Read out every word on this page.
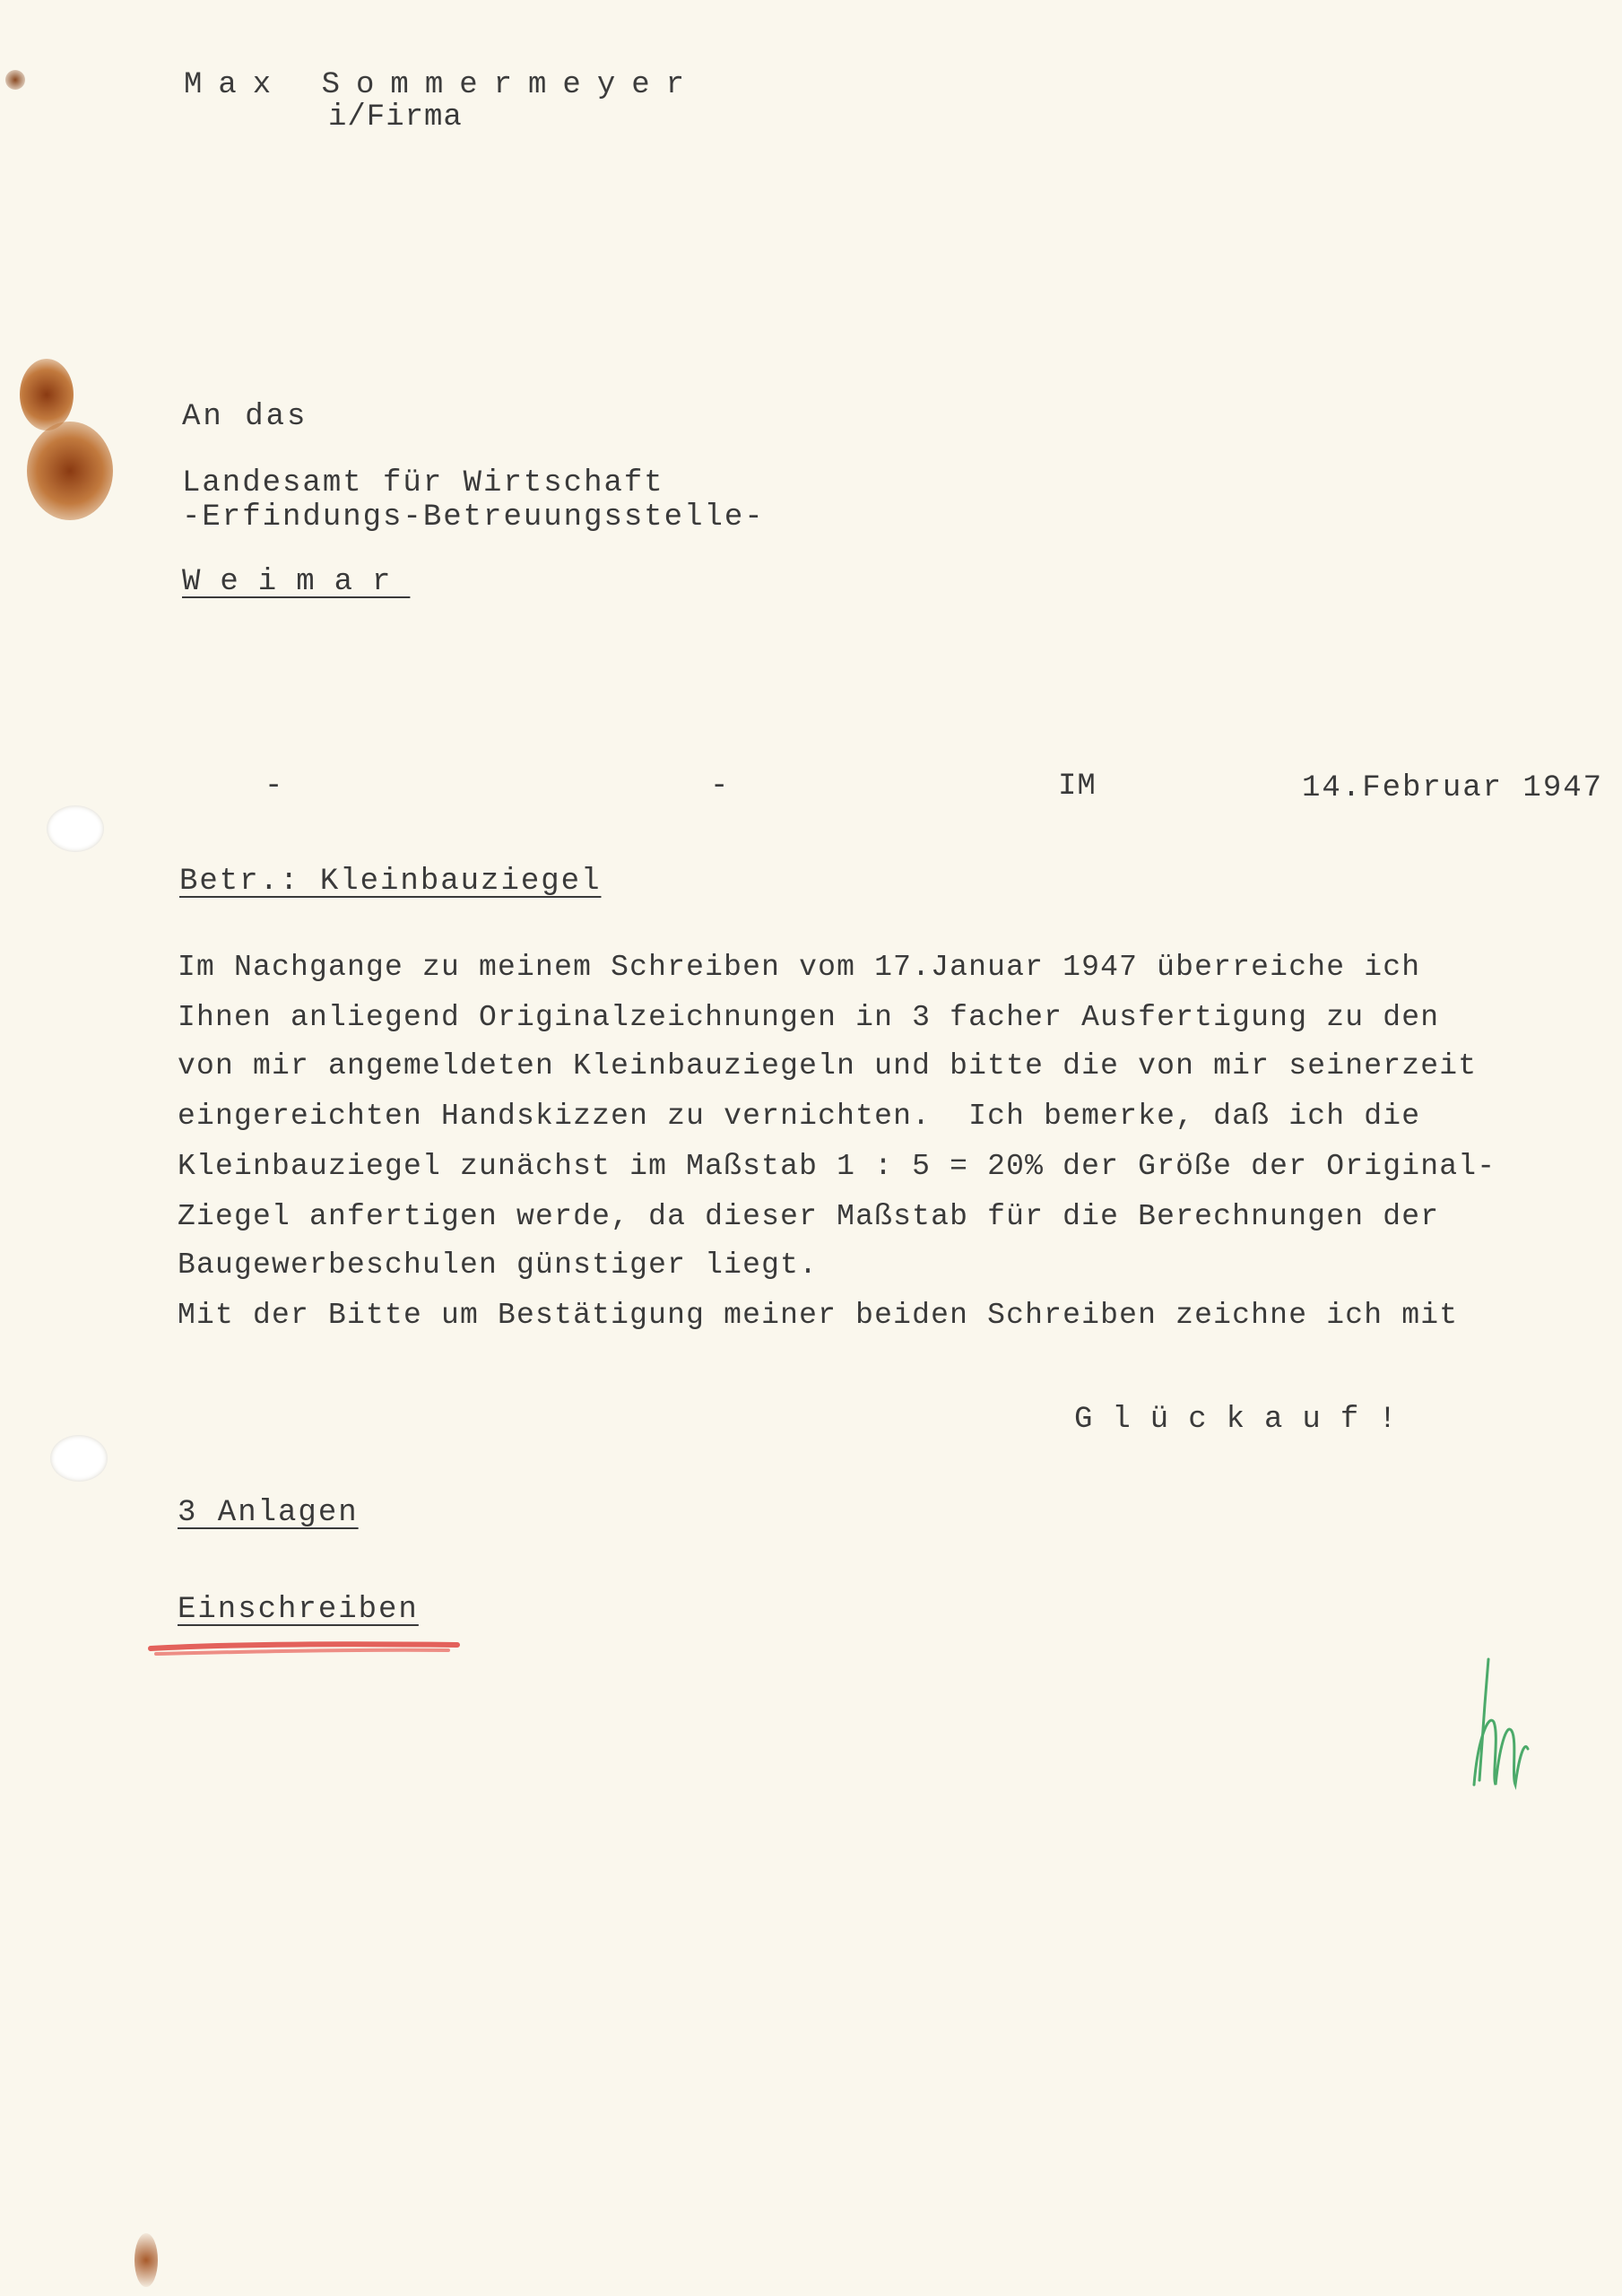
Max Sommermeyer
i/Firma
An das
Landesamt für Wirtschaft
-Erfindungs-Betreuungsstelle-
Weimar
-	-	IM	14.Februar 1947
Betr.: Kleinbauziegel
Im Nachgange zu meinem Schreiben vom 17.Januar 1947 überreiche ich
Ihnen anliegend Originalzeichnungen in 3 facher Ausfertigung zu den
von mir angemeldeten Kleinbauziegeln und bitte die von mir seinerzeit
eingereichten Handskizzen zu vernichten.  Ich bemerke, daß ich die
Kleinbauziegel zunächst im Maßstab 1 : 5 = 20% der Größe der Original-
Ziegel anfertigen werde, da dieser Maßstab für die Berechnungen der
Baugewerbeschulen günstiger liegt.
Mit der Bitte um Bestätigung meiner beiden Schreiben zeichne ich mit
Glückauf!
3 Anlagen
Einschreiben
